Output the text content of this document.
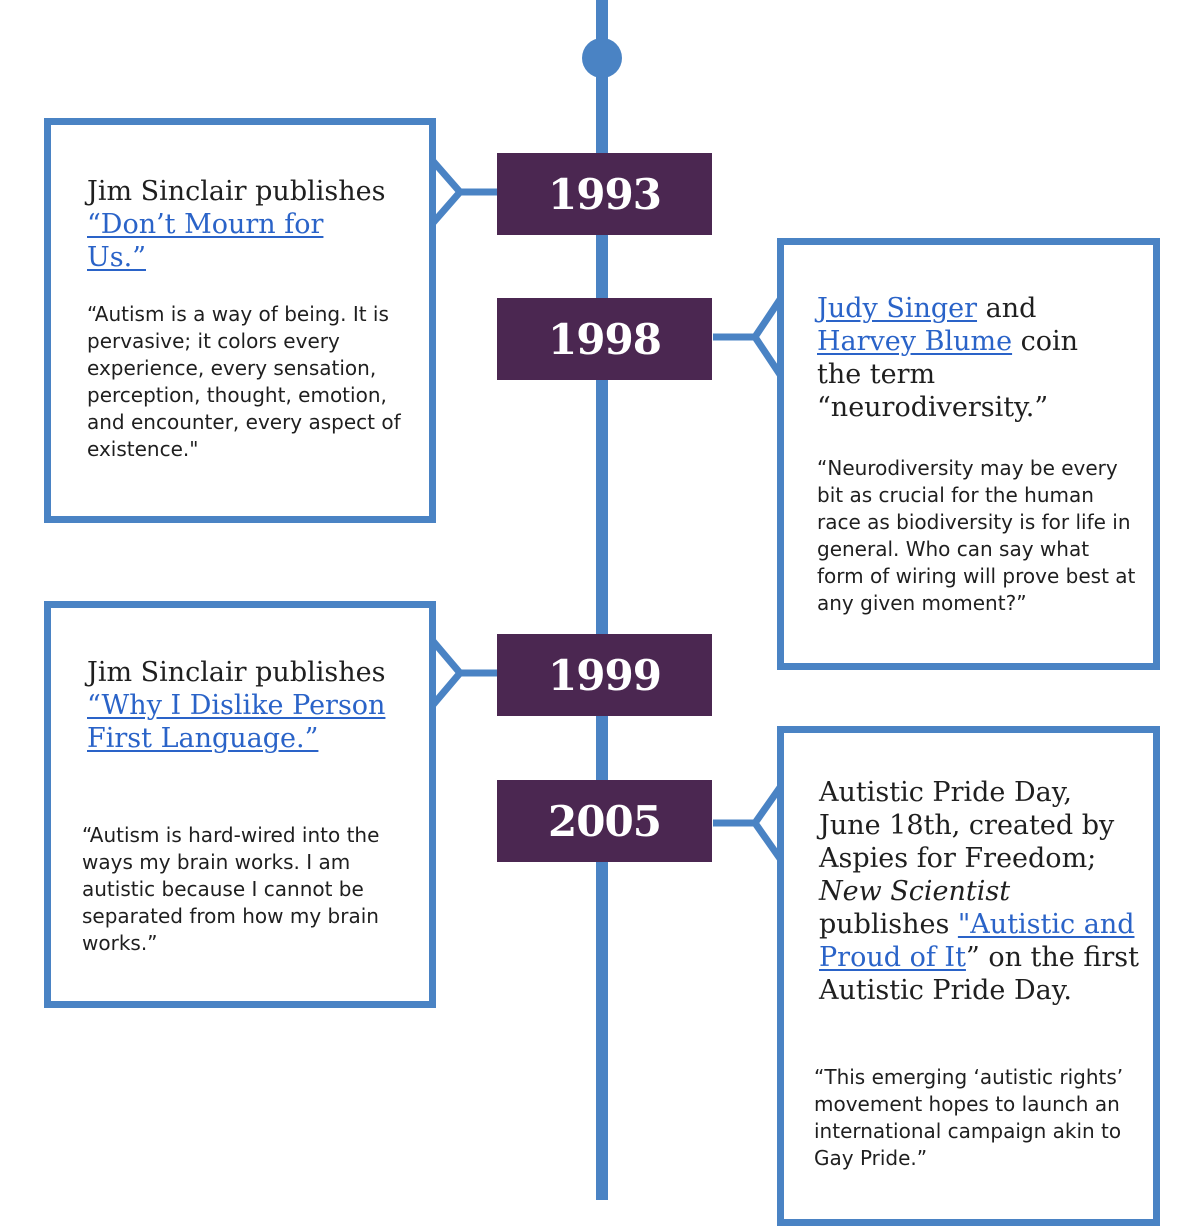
Jim Sinclair publishes “Don’t Mourn for Us.”

“Autism is a way of being. It is pervasive; it colors every experience, every sensation, perception, thought, emotion, and encounter, every aspect of existence."

1993

Judy Singer and Harvey Blume coin the term “neurodiversity.”

“Neurodiversity may be every bit as crucial for the human race as biodiversity is for life in general. Who can say what form of wiring will prove best at any given moment?”

1998

Jim Sinclair publishes “Why I Dislike Person First Language.”

“Autism is hard-wired into the ways my brain works. I am autistic because I cannot be separated from how my brain works.”

1999

Autistic Pride Day, June 18th, created by Aspies for Freedom; New Scientist publishes "Autistic and Proud of It” on the first Autistic Pride Day.

“This emerging ‘autistic rights’ movement hopes to launch an international campaign akin to Gay Pride.”

2005
